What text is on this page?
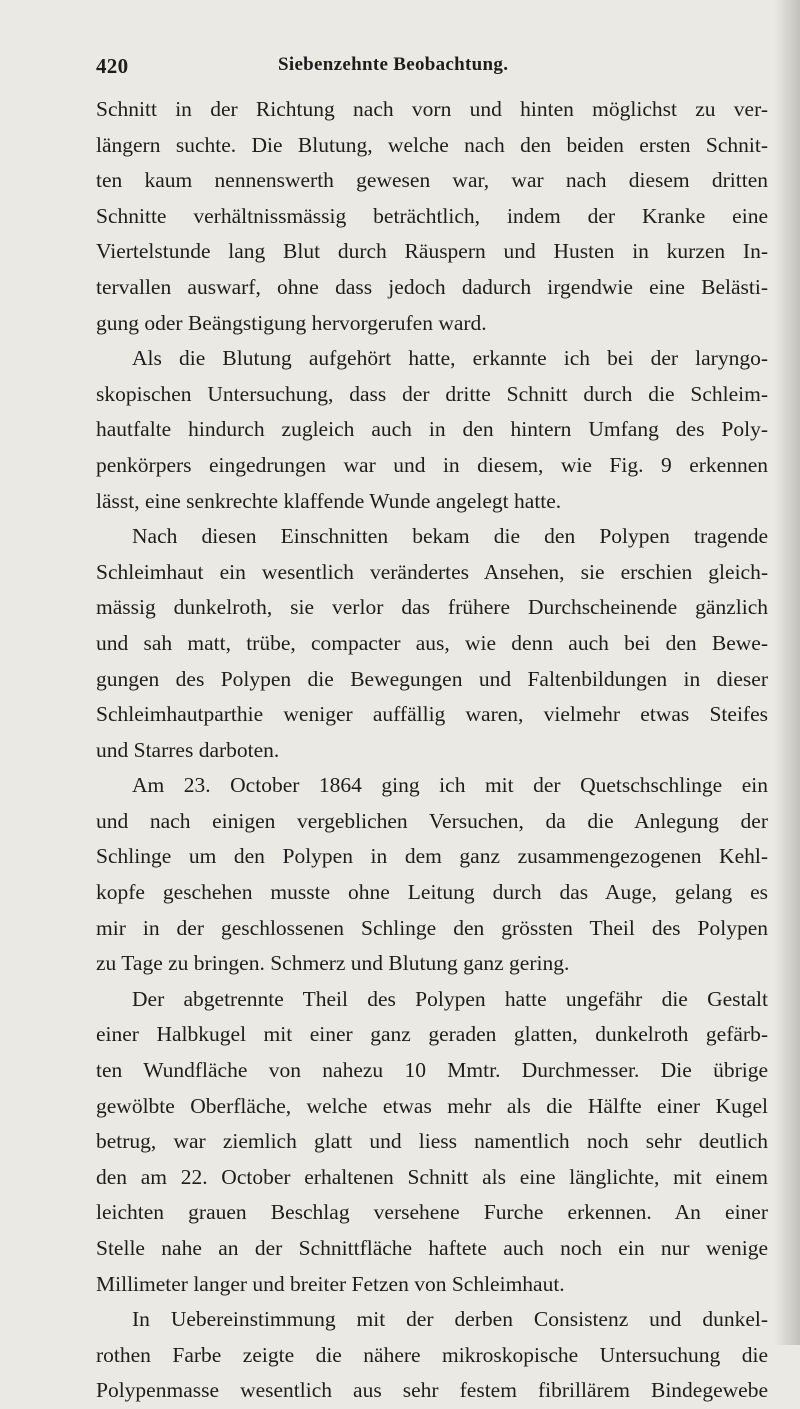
420	Siebenzehnte Beobachtung.
Schnitt in der Richtung nach vorn und hinten möglichst zu ver-
längern suchte. Die Blutung, welche nach den beiden ersten Schnit-
ten kaum nennenswerth gewesen war, war nach diesem dritten
Schnitte verhältnissmässig beträchtlich, indem der Kranke eine
Viertelstunde lang Blut durch Räuspern und Husten in kurzen In-
tervallen auswarf, ohne dass jedoch dadurch irgendwie eine Belästi-
gung oder Beängstigung hervorgerufen ward.
Als die Blutung aufgehört hatte, erkannte ich bei der laryngo-
skopischen Untersuchung, dass der dritte Schnitt durch die Schleim-
hautfalte hindurch zugleich auch in den hintern Umfang des Poly-
penkörpers eingedrungen war und in diesem, wie Fig. 9 erkennen
lässt, eine senkrechte klaffende Wunde angelegt hatte.
Nach diesen Einschnitten bekam die den Polypen tragende
Schleimhaut ein wesentlich verändertes Ansehen, sie erschien gleich-
mässig dunkelroth, sie verlor das frühere Durchscheinende gänzlich
und sah matt, trübe, compacter aus, wie denn auch bei den Bewe-
gungen des Polypen die Bewegungen und Faltenbildungen in dieser
Schleimhautparthie weniger auffällig waren, vielmehr etwas Steifes
und Starres darboten.
Am 23. October 1864 ging ich mit der Quetschschlinge ein
und nach einigen vergeblichen Versuchen, da die Anlegung der
Schlinge um den Polypen in dem ganz zusammengezogenen Kehl-
kopfe geschehen musste ohne Leitung durch das Auge, gelang es
mir in der geschlossenen Schlinge den grössten Theil des Polypen
zu Tage zu bringen. Schmerz und Blutung ganz gering.
Der abgetrennte Theil des Polypen hatte ungefähr die Gestalt
einer Halbkugel mit einer ganz geraden glatten, dunkelroth gefärb-
ten Wundfläche von nahezu 10 Mmtr. Durchmesser. Die übrige
gewölbte Oberfläche, welche etwas mehr als die Hälfte einer Kugel
betrug, war ziemlich glatt und liess namentlich noch sehr deutlich
den am 22. October erhaltenen Schnitt als eine länglichte, mit einem
leichten grauen Beschlag versehene Furche erkennen. An einer
Stelle nahe an der Schnittfläche haftete auch noch ein nur wenige
Millimeter langer und breiter Fetzen von Schleimhaut.
In Uebereinstimmung mit der derben Consistenz und dunkel-
rothen Farbe zeigte die nähere mikroskopische Untersuchung die
Polypenmasse wesentlich aus sehr festem fibrillärem Bindegewebe
